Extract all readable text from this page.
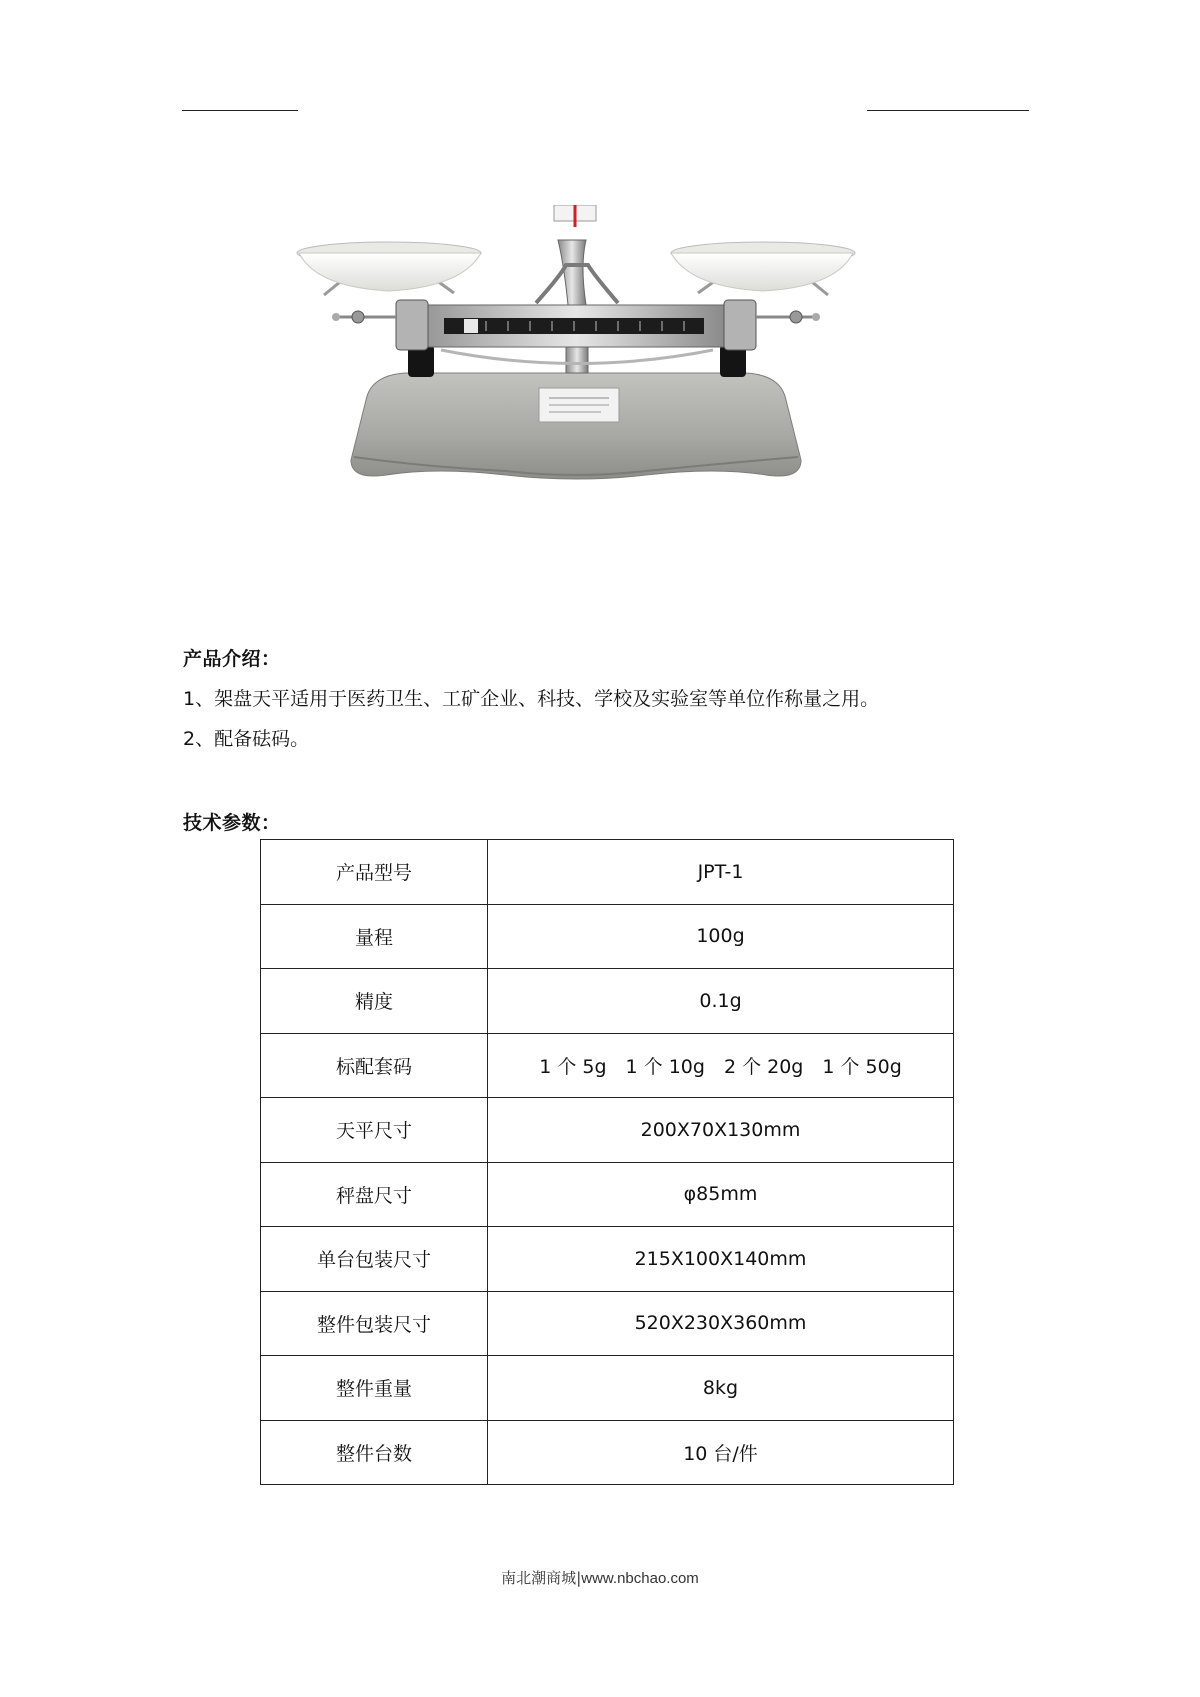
产品介绍：
1、架盘天平适用于医药卫生、工矿企业、科技、学校及实验室等单位作称量之用。
2、配备砝码。
技术参数：
产品型号	JPT-1
量程	100g
精度	0.1g
标配套码	1 个 5g　1 个 10g　2 个 20g　1 个 50g
天平尺寸	200X70X130mm
秤盘尺寸	φ85mm
单台包装尺寸	215X100X140mm
整件包装尺寸	520X230X360mm
整件重量	8kg
整件台数	10 台/件
南北潮商城|www.nbchao.com
